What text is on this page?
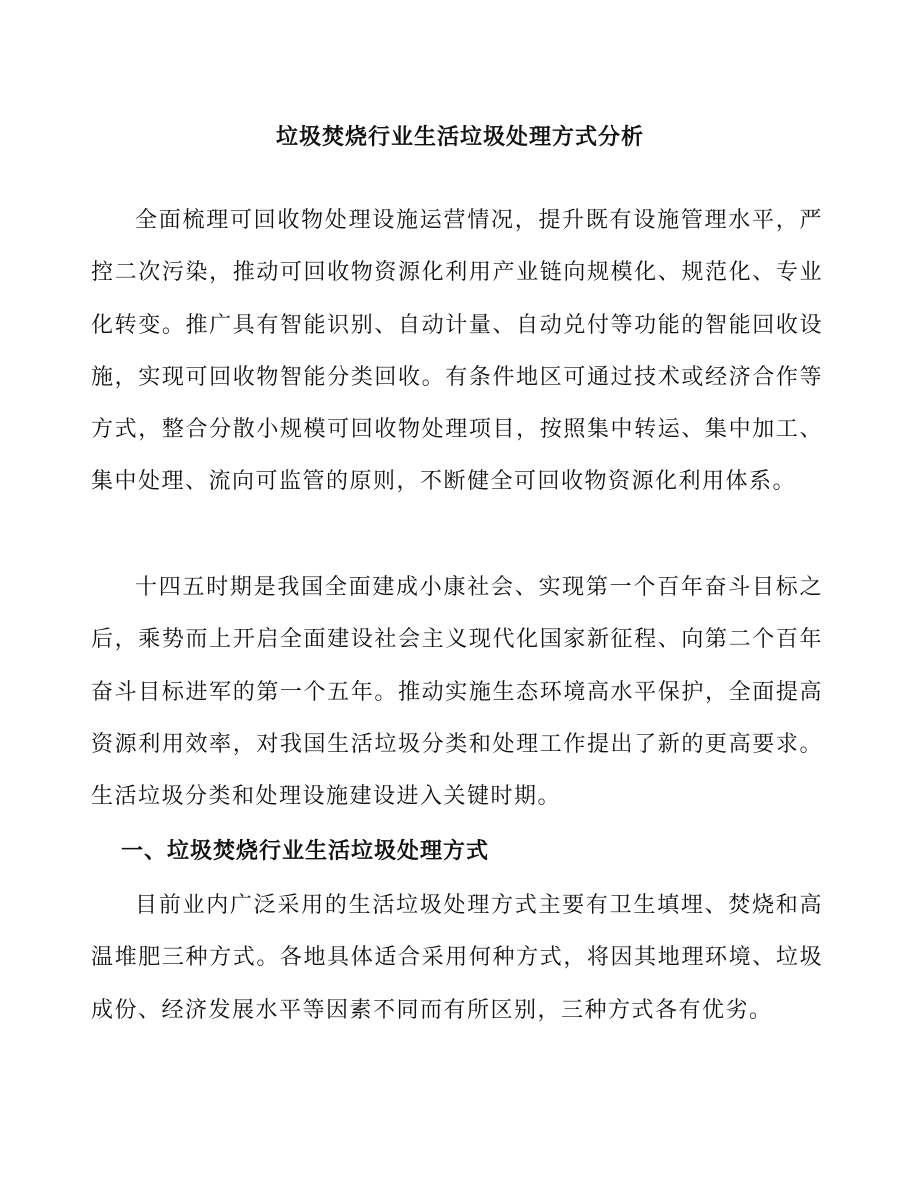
垃圾焚烧行业生活垃圾处理方式分析

全面梳理可回收物处理设施运营情况，提升既有设施管理水平，严控二次污染，推动可回收物资源化利用产业链向规模化、规范化、专业化转变。推广具有智能识别、自动计量、自动兑付等功能的智能回收设施，实现可回收物智能分类回收。有条件地区可通过技术或经济合作等方式，整合分散小规模可回收物处理项目，按照集中转运、集中加工、集中处理、流向可监管的原则，不断健全可回收物资源化利用体系。

十四五时期是我国全面建成小康社会、实现第一个百年奋斗目标之后，乘势而上开启全面建设社会主义现代化国家新征程、向第二个百年奋斗目标进军的第一个五年。推动实施生态环境高水平保护，全面提高资源利用效率，对我国生活垃圾分类和处理工作提出了新的更高要求。生活垃圾分类和处理设施建设进入关键时期。

一、垃圾焚烧行业生活垃圾处理方式

目前业内广泛采用的生活垃圾处理方式主要有卫生填埋、焚烧和高温堆肥三种方式。各地具体适合采用何种方式，将因其地理环境、垃圾成份、经济发展水平等因素不同而有所区别，三种方式各有优劣。
